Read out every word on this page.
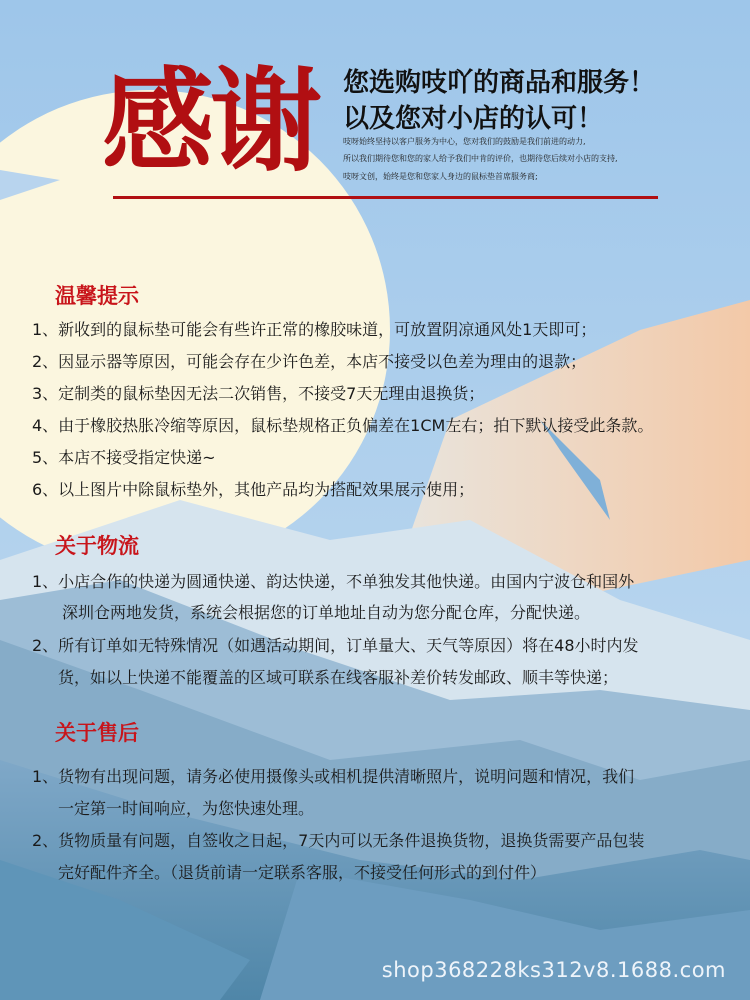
感谢 您选购吱吖的商品和服务！
以及您对小店的认可！
吱呀始终坚持以客户服务为中心，您对我们的鼓励是我们前进的动力,
所以我们期待您和您的家人给予我们中肯的评价，也期待您后续对小店的支持,
吱呀文创，始终是您和您家人身边的鼠标垫首席服务商;
温馨提示
1、新收到的鼠标垫可能会有些许正常的橡胶味道，可放置阴凉通风处1天即可；
2、因显示器等原因，可能会存在少许色差，本店不接受以色差为理由的退款；
3、定制类的鼠标垫因无法二次销售，不接受7天无理由退换货；
4、由于橡胶热胀冷缩等原因，鼠标垫规格正负偏差在1CM左右；拍下默认接受此条款。
5、本店不接受指定快递~
6、以上图片中除鼠标垫外，其他产品均为搭配效果展示使用；
关于物流
1、小店合作的快递为圆通快递、韵达快递，不单独发其他快递。由国内宁波仓和国外
深圳仓两地发货，系统会根据您的订单地址自动为您分配仓库，分配快递。
2、所有订单如无特殊情况（如遇活动期间，订单量大、天气等原因）将在48小时内发
货，如以上快递不能覆盖的区域可联系在线客服补差价转发邮政、顺丰等快递；
关于售后
1、货物有出现问题，请务必使用摄像头或相机提供清晰照片，说明问题和情况，我们
一定第一时间响应，为您快速处理。
2、货物质量有问题，自签收之日起，7天内可以无条件退换货物，退换货需要产品包装
完好配件齐全。（退货前请一定联系客服，不接受任何形式的到付件）
shop368228ks312v8.1688.com
